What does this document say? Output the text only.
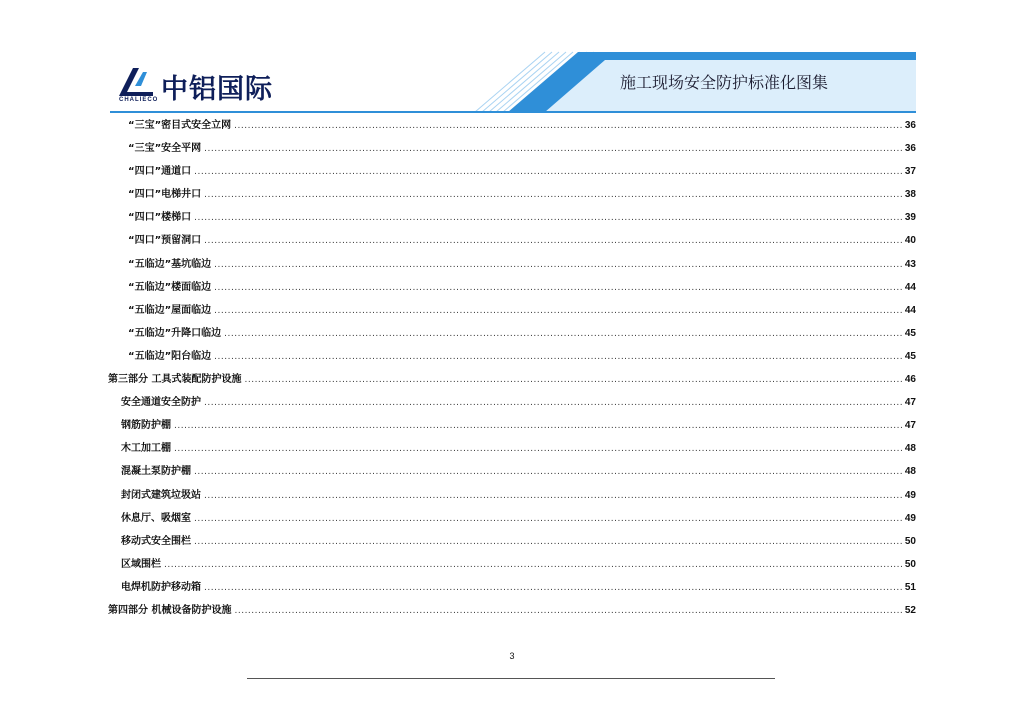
中铝国际
CHALIECO
施工现场安全防护标准化图集
“三宝”密目式安全立网 .....	36
“三宝”安全平网 .....	36
“四口”通道口 .....	37
“四口”电梯井口 .....	38
“四口”楼梯口 .....	39
“四口”预留洞口 .....	40
“五临边”基坑临边 .....	43
“五临边”楼面临边 .....	44
“五临边”屋面临边 .....	44
“五临边”升降口临边 .....	45
“五临边”阳台临边 .....	45
第三部分 工具式装配防护设施 .....	46
安全通道安全防护 .....	47
钢筋防护棚 .....	47
木工加工棚 .....	48
混凝土泵防护棚 .....	48
封闭式建筑垃圾站 .....	49
休息厅、吸烟室 .....	49
移动式安全围栏 .....	50
区域围栏 .....	50
电焊机防护移动箱 .....	51
第四部分 机械设备防护设施 .....	52
3
